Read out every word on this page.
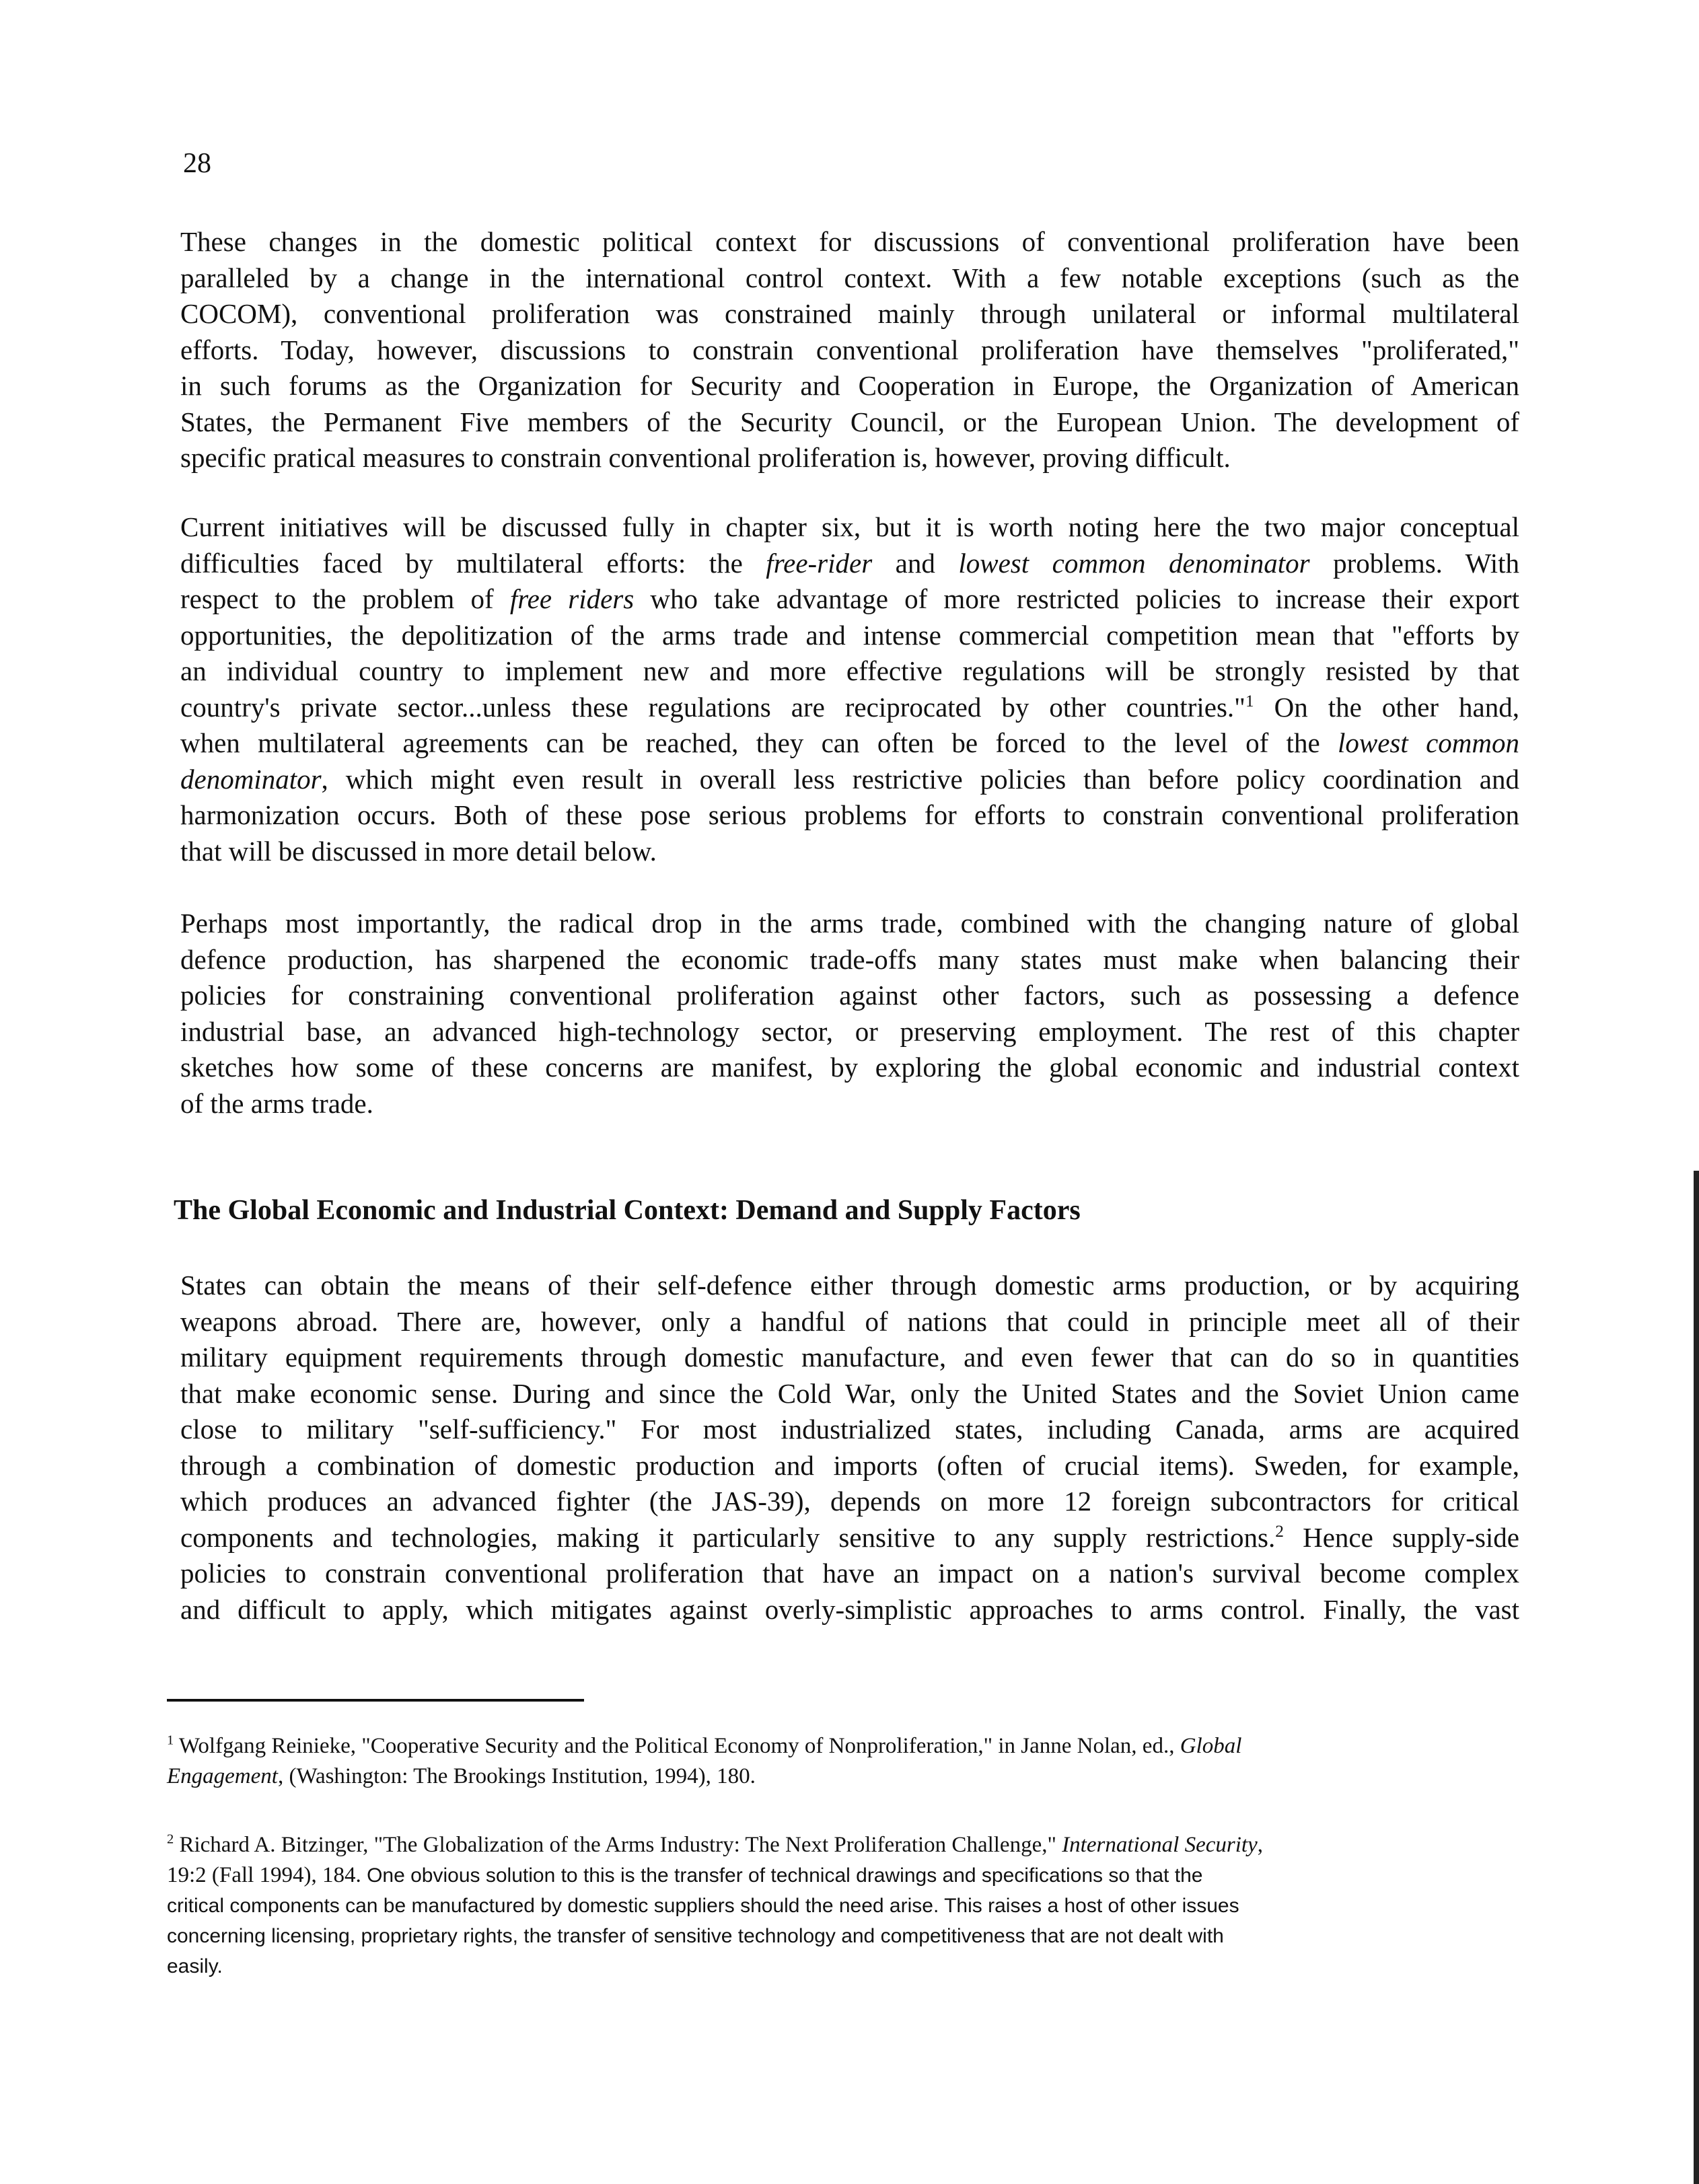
28
These changes in the domestic political context for discussions of conventional proliferation have been
paralleled by a change in the international control context. With a few notable exceptions (such as the
COCOM), conventional proliferation was constrained mainly through unilateral or informal multilateral
efforts. Today, however, discussions to constrain conventional proliferation have themselves "proliferated,"
in such forums as the Organization for Security and Cooperation in Europe, the Organization of American
States, the Permanent Five members of the Security Council, or the European Union. The development of
specific pratical measures to constrain conventional proliferation is, however, proving difficult.
Current initiatives will be discussed fully in chapter six, but it is worth noting here the two major conceptual
difficulties faced by multilateral efforts: the free-rider and lowest common denominator problems. With
respect to the problem of free riders who take advantage of more restricted policies to increase their export
opportunities, the depolitization of the arms trade and intense commercial competition mean that "efforts by
an individual country to implement new and more effective regulations will be strongly resisted by that
country's private sector...unless these regulations are reciprocated by other countries."$^1$ On the other hand,
when multilateral agreements can be reached, they can often be forced to the level of the lowest common
denominator, which might even result in overall less restrictive policies than before policy coordination and
harmonization occurs. Both of these pose serious problems for efforts to constrain conventional proliferation
that will be discussed in more detail below.
Perhaps most importantly, the radical drop in the arms trade, combined with the changing nature of global
defence production, has sharpened the economic trade-offs many states must make when balancing their
policies for constraining conventional proliferation against other factors, such as possessing a defence
industrial base, an advanced high-technology sector, or preserving employment. The rest of this chapter
sketches how some of these concerns are manifest, by exploring the global economic and industrial context
of the arms trade.
The Global Economic and Industrial Context: Demand and Supply Factors
States can obtain the means of their self-defence either through domestic arms production, or by acquiring
weapons abroad. There are, however, only a handful of nations that could in principle meet all of their
military equipment requirements through domestic manufacture, and even fewer that can do so in quantities
that make economic sense. During and since the Cold War, only the United States and the Soviet Union came
close to military "self-sufficiency." For most industrialized states, including Canada, arms are acquired
through a combination of domestic production and imports (often of crucial items). Sweden, for example,
which produces an advanced fighter (the JAS-39), depends on more 12 foreign subcontractors for critical
components and technologies, making it particularly sensitive to any supply restrictions.$^2$ Hence supply-side
policies to constrain conventional proliferation that have an impact on a nation's survival become complex
and difficult to apply, which mitigates against overly-simplistic approaches to arms control. Finally, the vast
$^1$ Wolfgang Reinieke, "Cooperative Security and the Political Economy of Nonproliferation," in Janne Nolan, ed., Global
Engagement, (Washington: The Brookings Institution, 1994), 180.
$^2$ Richard A. Bitzinger, "The Globalization of the Arms Industry: The Next Proliferation Challenge," International Security,
19:2 (Fall 1994), 184. One obvious solution to this is the transfer of technical drawings and specifications so that the
critical components can be manufactured by domestic suppliers should the need arise. This raises a host of other issues
concerning licensing, proprietary rights, the transfer of sensitive technology and competitiveness that are not dealt with
easily.
